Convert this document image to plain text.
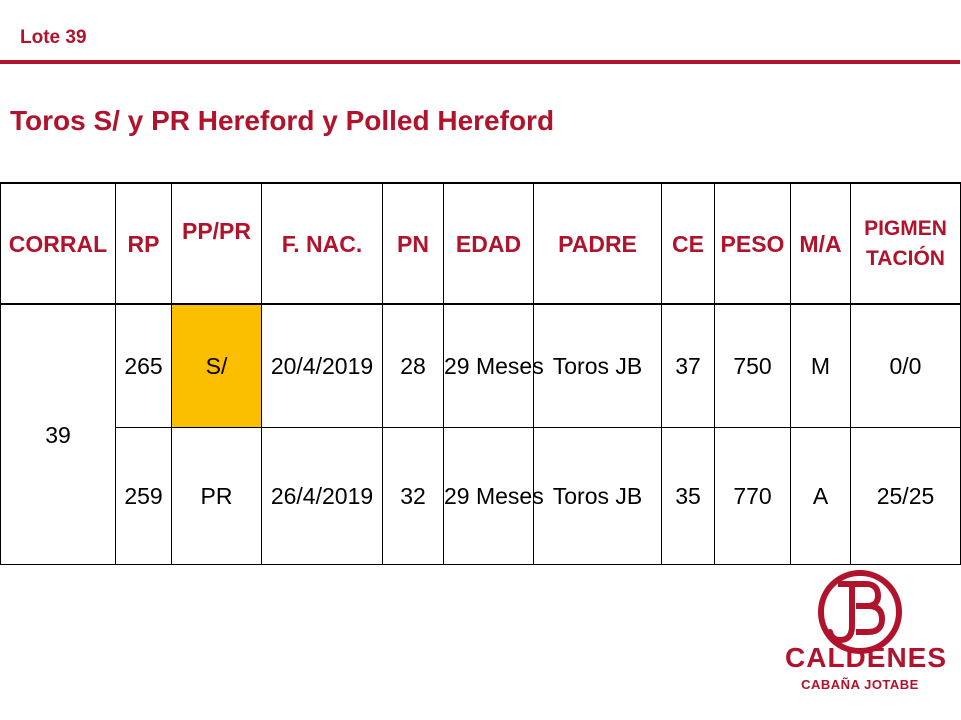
Lote 39
Toros S/ y PR Hereford y Polled Hereford
CORRAL	RP	PP/PR	F. NAC.	PN	EDAD	PADRE	CE	PESO	M/A	PIGMEN TACIÓN
39	265	S/	20/4/2019	28	29 Meses	Toros JB	37	750	M	0/0
	259	PR	26/4/2019	32	29 Meses	Toros JB	35	770	A	25/25
CALDENES
CABAÑA JOTABE
